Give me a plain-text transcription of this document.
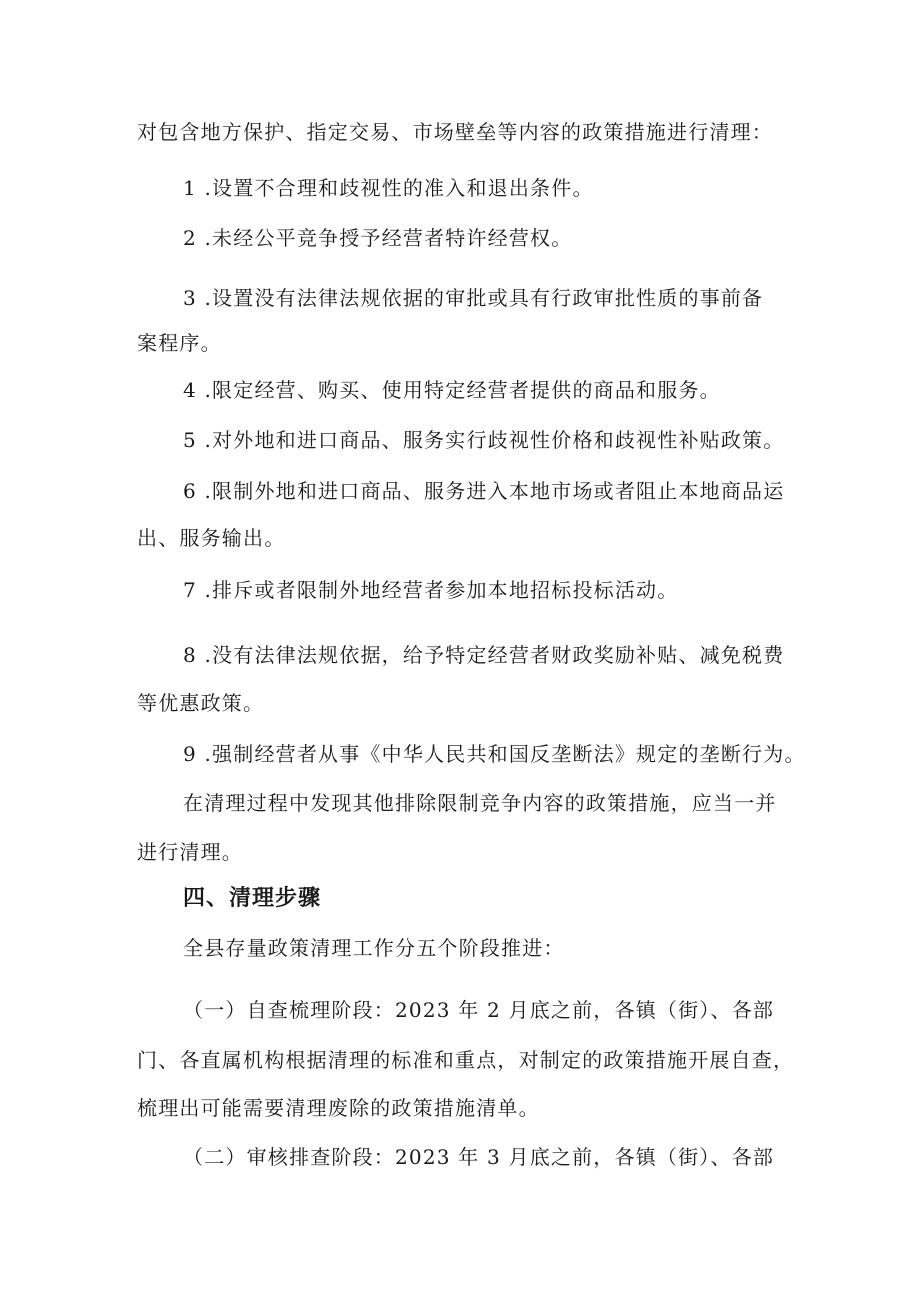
对包含地方保护、指定交易、市场壁垒等内容的政策措施进行清理：
1 .设置不合理和歧视性的准入和退出条件。
2 .未经公平竞争授予经营者特许经营权。
3 .设置没有法律法规依据的审批或具有行政审批性质的事前备
案程序。
4 .限定经营、购买、使用特定经营者提供的商品和服务。
5 .对外地和进口商品、服务实行歧视性价格和歧视性补贴政策。
6 .限制外地和进口商品、服务进入本地市场或者阻止本地商品运
出、服务输出。
7 .排斥或者限制外地经营者参加本地招标投标活动。
8 .没有法律法规依据，给予特定经营者财政奖励补贴、减免税费
等优惠政策。
9 .强制经营者从事《中华人民共和国反垄断法》规定的垄断行为。
在清理过程中发现其他排除限制竞争内容的政策措施，应当一并
进行清理。
四、清理步骤
全县存量政策清理工作分五个阶段推进：
（一）自查梳理阶段：2023 年 2 月底之前，各镇（街）、各部
门、各直属机构根据清理的标准和重点，对制定的政策措施开展自查，
梳理出可能需要清理废除的政策措施清单。
（二）审核排查阶段：2023 年 3 月底之前，各镇（街）、各部
